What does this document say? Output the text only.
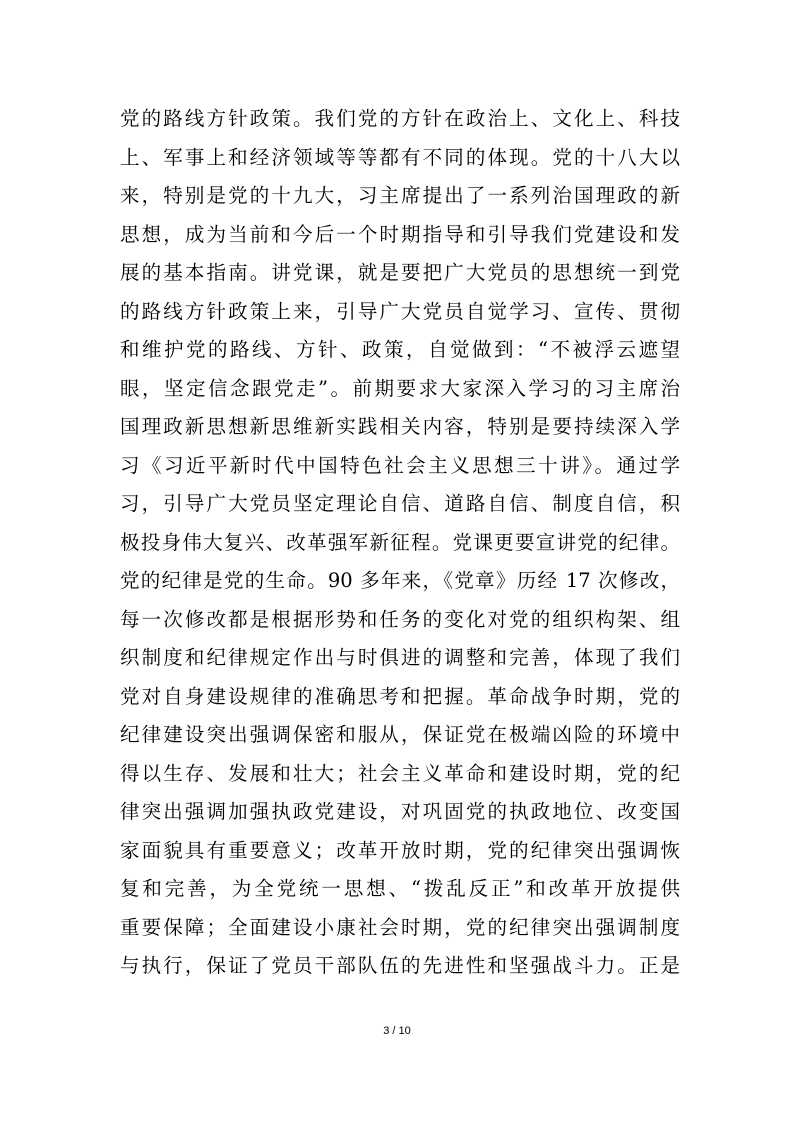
党的路线方针政策。我们党的方针在政治上、文化上、科技
上、军事上和经济领域等等都有不同的体现。党的十八大以
来，特别是党的十九大，习主席提出了一系列治国理政的新
思想，成为当前和今后一个时期指导和引导我们党建设和发
展的基本指南。讲党课，就是要把广大党员的思想统一到党
的路线方针政策上来，引导广大党员自觉学习、宣传、贯彻
和维护党的路线、方针、政策，自觉做到：“不被浮云遮望
眼，坚定信念跟党走”。前期要求大家深入学习的习主席治
国理政新思想新思维新实践相关内容，特别是要持续深入学
习《习近平新时代中国特色社会主义思想三十讲》。通过学
习，引导广大党员坚定理论自信、道路自信、制度自信，积
极投身伟大复兴、改革强军新征程。党课更要宣讲党的纪律。
党的纪律是党的生命。90 多年来，《党章》历经 17 次修改，
每一次修改都是根据形势和任务的变化对党的组织构架、组
织制度和纪律规定作出与时俱进的调整和完善，体现了我们
党对自身建设规律的准确思考和把握。革命战争时期，党的
纪律建设突出强调保密和服从，保证党在极端凶险的环境中
得以生存、发展和壮大；社会主义革命和建设时期，党的纪
律突出强调加强执政党建设，对巩固党的执政地位、改变国
家面貌具有重要意义；改革开放时期，党的纪律突出强调恢
复和完善，为全党统一思想、“拨乱反正”和改革开放提供
重要保障；全面建设小康社会时期，党的纪律突出强调制度
与执行，保证了党员干部队伍的先进性和坚强战斗力。正是
3 / 10
